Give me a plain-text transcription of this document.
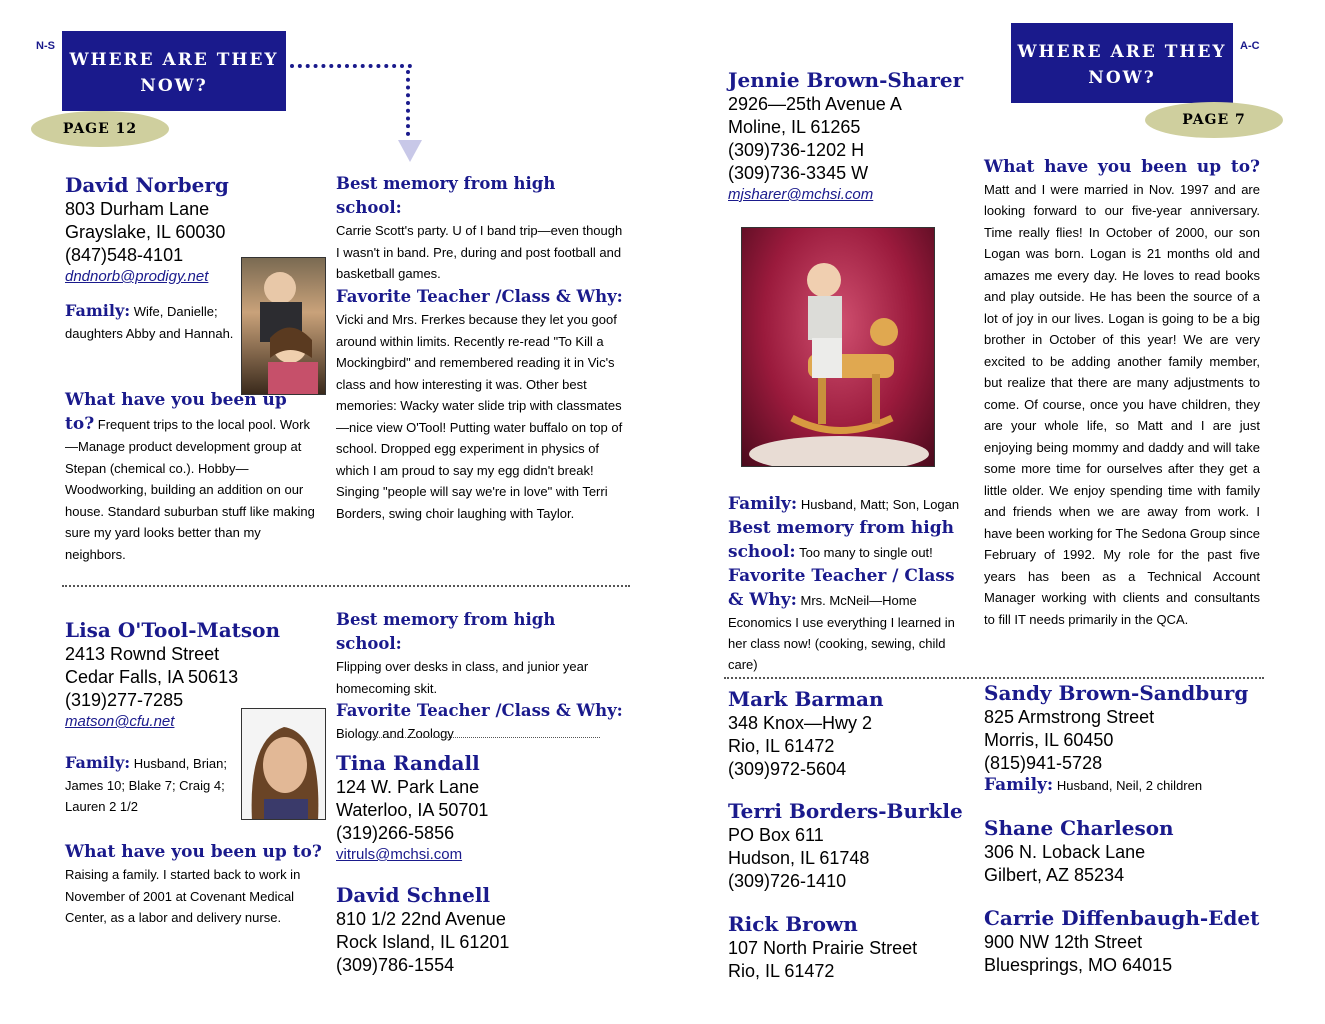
N-S
WHERE ARE THEY NOW?
PAGE 12
David Norberg
803 Durham Lane
Grayslake, IL 60030
(847)548-4101
dndnorb@prodigy.net
Family: Wife, Danielle; daughters Abby and Hannah.
What have you been up to? Frequent trips to the local pool. Work—Manage product development group at Stepan (chemical co.). Hobby—Woodworking, building an addition on our house. Standard suburban stuff like making sure my yard looks better than my neighbors.
Best memory from high school:
Carrie Scott's party. U of I band trip—even though I wasn't in band. Pre, during and post football and basketball games.
Favorite Teacher /Class & Why:
Vicki and Mrs. Frerkes because they let you goof around within limits. Recently re-read "To Kill a Mockingbird" and remembered reading it in Vic's class and how interesting it was. Other best memories: Wacky water slide trip with classmates—nice view O'Tool! Putting water buffalo on top of school. Dropped egg experiment in physics of which I am proud to say my egg didn't break! Singing "people will say we're in love" with Terri Borders, swing choir laughing with Taylor.
Lisa O'Tool-Matson
2413 Rownd Street
Cedar Falls, IA 50613
(319)277-7285
matson@cfu.net
Family: Husband, Brian; James 10; Blake 7; Craig 4; Lauren 2 1/2
What have you been up to?
Raising a family. I started back to work in November of 2001 at Covenant Medical Center, as a labor and delivery nurse.
Best memory from high school:
Flipping over desks in class, and junior year homecoming skit.
Favorite Teacher /Class & Why:
Biology and Zoology
Tina Randall
124 W. Park Lane
Waterloo, IA 50701
(319)266-5856
vitruls@mchsi.com
David Schnell
810 1/2 22nd Avenue
Rock Island, IL 61201
(309)786-1554
WHERE ARE THEY NOW?
A-C
PAGE 7
Jennie Brown-Sharer
2926—25th Avenue A
Moline, IL 61265
(309)736-1202 H
(309)736-3345 W
mjsharer@mchsi.com
Family: Husband, Matt; Son, Logan
Best memory from high school: Too many to single out!
Favorite Teacher / Class & Why: Mrs. McNeil—Home Economics I use everything I learned in her class now! (cooking, sewing, child care)
What have you been up to? Matt and I were married in Nov. 1997 and are looking forward to our five-year anniversary. Time really flies! In October of 2000, our son Logan was born. Logan is 21 months old and amazes me every day. He loves to read books and play outside. He has been the source of a lot of joy in our lives. Logan is going to be a big brother in October of this year! We are very excited to be adding another family member, but realize that there are many adjustments to come. Of course, once you have children, they are your whole life, so Matt and I are just enjoying being mommy and daddy and will take some more time for ourselves after they get a little older. We enjoy spending time with family and friends when we are away from work. I have been working for The Sedona Group since February of 1992. My role for the past five years has been as a Technical Account Manager working with clients and consultants to fill IT needs primarily in the QCA.
Mark Barman
348 Knox—Hwy 2
Rio, IL 61472
(309)972-5604
Terri Borders-Burkle
PO Box 611
Hudson, IL 61748
(309)726-1410
Rick Brown
107 North Prairie Street
Rio, IL 61472
Sandy Brown-Sandburg
825 Armstrong Street
Morris, IL 60450
(815)941-5728
Family: Husband, Neil, 2 children
Shane Charleson
306 N. Loback Lane
Gilbert, AZ 85234
Carrie Diffenbaugh-Edet
900 NW 12th Street
Bluesprings, MO 64015
